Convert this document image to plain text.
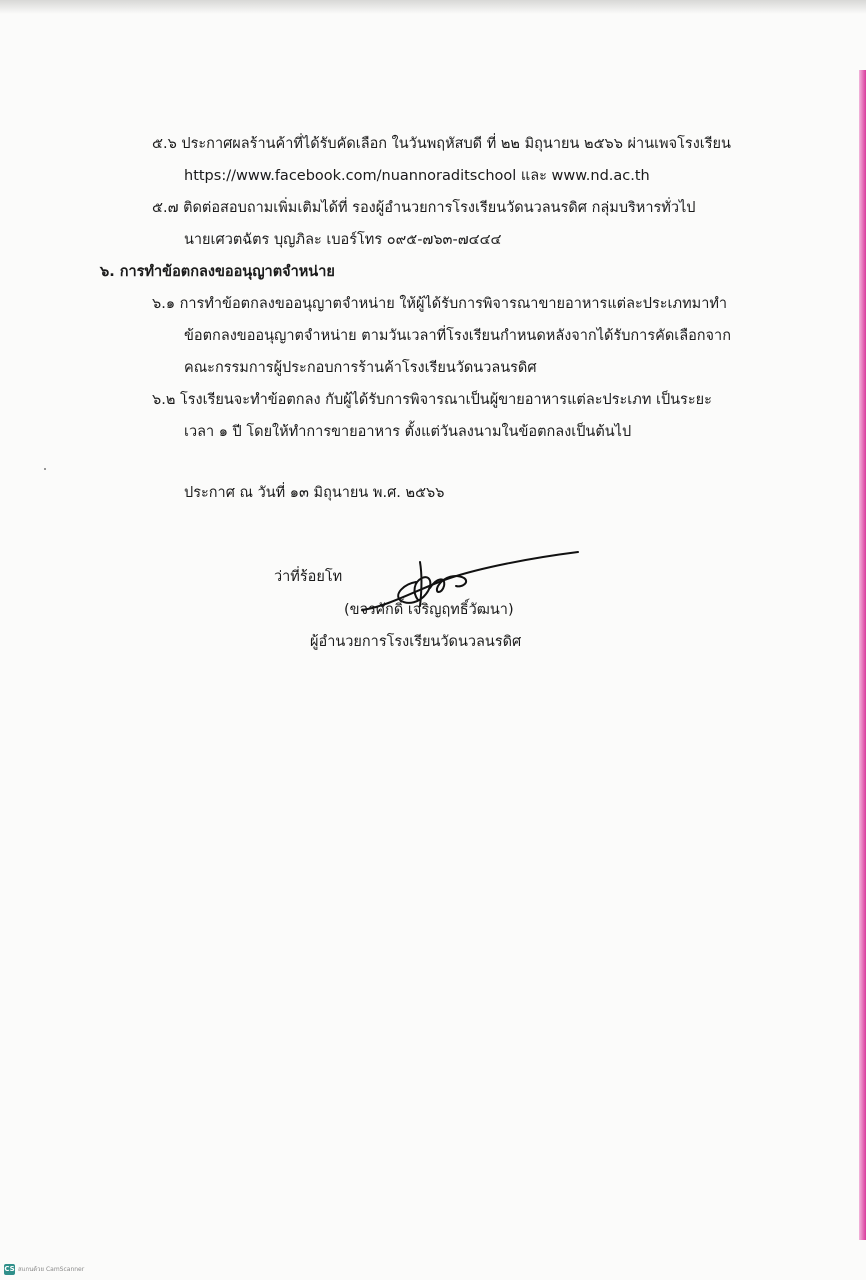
๕.๖ ประกาศผลร้านค้าที่ได้รับคัดเลือก ในวันพฤหัสบดี ที่ ๒๒ มิถุนายน ๒๕๖๖ ผ่านเพจโรงเรียน
https://www.facebook.com/nuannoraditschool และ www.nd.ac.th
๕.๗ ติดต่อสอบถามเพิ่มเติมได้ที่ รองผู้อำนวยการโรงเรียนวัดนวลนรดิศ กลุ่มบริหารทั่วไป
นายเศวตฉัตร บุญภิละ เบอร์โทร ๐๙๕-๗๖๓-๗๔๔๔
๖. การทำข้อตกลงขออนุญาตจำหน่าย
๖.๑ การทำข้อตกลงขออนุญาตจำหน่าย ให้ผู้ได้รับการพิจารณาขายอาหารแต่ละประเภทมาทำ
ข้อตกลงขออนุญาตจำหน่าย ตามวันเวลาที่โรงเรียนกำหนดหลังจากได้รับการคัดเลือกจาก
คณะกรรมการผู้ประกอบการร้านค้าโรงเรียนวัดนวลนรดิศ
๖.๒ โรงเรียนจะทำข้อตกลง กับผู้ได้รับการพิจารณาเป็นผู้ขายอาหารแต่ละประเภท เป็นระยะ
เวลา ๑ ปี โดยให้ทำการขายอาหาร ตั้งแต่วันลงนามในข้อตกลงเป็นต้นไป
ประกาศ ณ วันที่ ๑๓ มิถุนายน พ.ศ. ๒๕๖๖
ว่าที่ร้อยโท
(ขจรศักดิ์ เจริญฤทธิ์วัฒนา)
ผู้อำนวยการโรงเรียนวัดนวลนรดิศ
CS สแกนด้วย CamScanner
